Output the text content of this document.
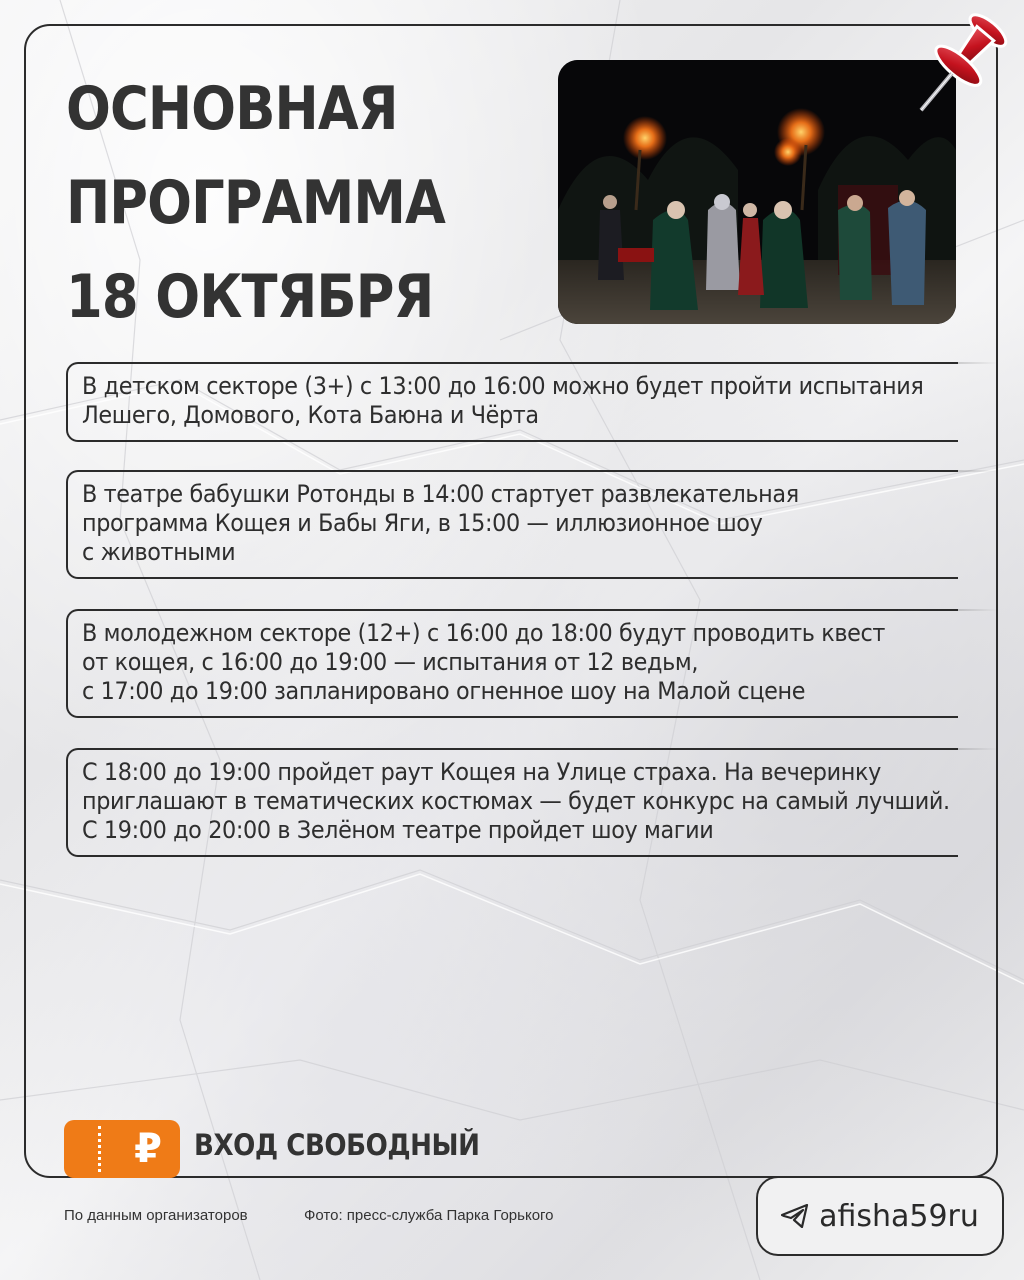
ОСНОВНАЯ
ПРОГРАММА
18 ОКТЯБРЯ

В детском секторе (3+) с 13:00 до 16:00 можно будет пройти испытания

Лешего, Домового, Кота Баюна и Чёрта

В театре бабушки Ротонды в 14:00 стартует развлекательная

программа Кощея и Бабы Яги, в 15:00 — иллюзионное шоу

с животными

В молодежном секторе (12+) с 16:00 до 18:00 будут проводить квест

от кощея, с 16:00 до 19:00 — испытания от 12 ведьм,

с 17:00 до 19:00 запланировано огненное шоу на Малой сцене

С 18:00 до 19:00 пройдет раут Кощея на Улице страха. На вечеринку

приглашают в тематических костюмах — будет конкурс на самый лучший.

С 19:00 до 20:00 в Зелёном театре пройдет шоу магии

₽	ВХОД СВОБОДНЫЙ

По данным организаторов	Фото: пресс-служба Парка Горького	afisha59ru
